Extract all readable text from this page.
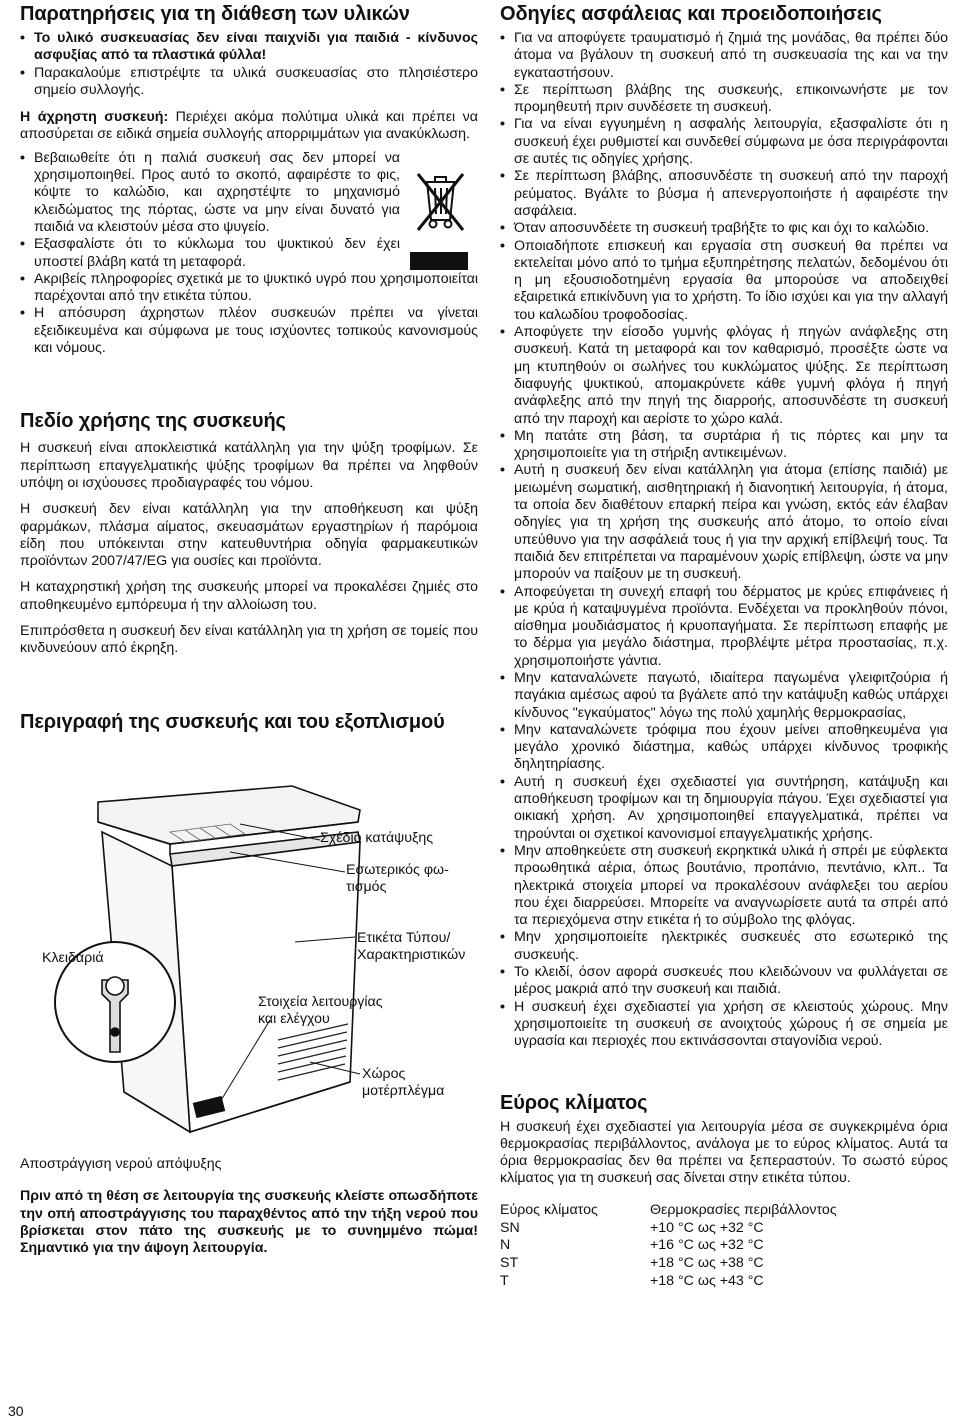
Παρατηρήσεις για τη διάθεση των υλικών
• Το υλικό συσκευασίας δεν είναι παιχνίδι για παιδιά - κίνδυνος ασφυξίας από τα πλαστικά φύλλα!
• Παρακαλούμε επιστρέψτε τα υλικά συσκευασίας στο πλησιέστερο σημείο συλλογής.

Η άχρηστη συσκευή: Περιέχει ακόμα πολύτιμα υλικά και πρέπει να αποσύρεται σε ειδικά σημεία συλλογής απορριμμάτων για ανακύκλωση.

• Βεβαιωθείτε ότι η παλιά συσκευή σας δεν μπορεί να χρησιμοποιηθεί. Προς αυτό το σκοπό, αφαιρέστε το φις, κόψτε το καλώδιο, και αχρηστέψτε το μηχανισμό κλειδώματος της πόρτας, ώστε να μην είναι δυνατό για παιδιά να κλειστούν μέσα στο ψυγείο.
• Εξασφαλίστε ότι το κύκλωμα του ψυκτικού δεν έχει υποστεί βλάβη κατά τη μεταφορά.
• Ακριβείς πληροφορίες σχετικά με το ψυκτικό υγρό που χρησιμοποιείται παρέχονται από την ετικέτα τύπου.
• Η απόσυρση άχρηστων πλέον συσκευών πρέπει να γίνεται εξειδικευμένα και σύμφωνα με τους ισχύοντες τοπικούς κανονισμούς και νόμους.
Πεδίο χρήσης της συσκευής

Η συσκευή είναι αποκλειστικά κατάλληλη για την ψύξη τροφίμων. Σε περίπτωση επαγγελματικής ψύξης τροφίμων θα πρέπει να ληφθούν υπόψη οι ισχύουσες προδιαγραφές του νόμου.

Η συσκευή δεν είναι κατάλληλη για την αποθήκευση και ψύξη φαρμάκων, πλάσμα αίματος, σκευασμάτων εργαστηρίων ή παρόμοια είδη που υπόκεινται στην κατευθυντήρια οδηγία φαρμακευτικών προϊόντων 2007/47/EG για ουσίες και προϊόντα.

Η καταχρηστική χρήση της συσκευής μπορεί να προκαλέσει ζημιές στο αποθηκευμένο εμπόρευμα ή την αλλοίωση του.

Επιπρόσθετα η συσκευή δεν είναι κατάλληλη για τη χρήση σε τομείς που κινδυνεύουν από έκρηξη.

Περιγραφή της συσκευής και του εξοπλισμού
Σχέδιο κατάψυξης
Εσωτερικός φω-
τισμός
Ετικέτα Τύπου/
Χαρακτηριστικών
Κλειδαριά
Στοιχεία λειτουργίας
και ελέγχου
Χώρος
μοτέρπλέγμα
Αποστράγγιση νερού απόψυξης

Πριν από τη θέση σε λειτουργία της συσκευής κλείστε οπωσδήποτε την οπή αποστράγγισης του παραχθέντος από την τήξη νερού που βρίσκεται στον πάτο της συσκευής με το συνημμένο πώμα! Σημαντικό για την άψογη λειτουργία.

Οδηγίες ασφάλειας και προειδοποιήσεις
• Για να αποφύγετε τραυματισμό ή ζημιά της μονάδας, θα πρέπει δύο άτομα να βγάλουν τη συσκευή από τη συσκευασία της και να την εγκαταστήσουν.
• Σε περίπτωση βλάβης της συσκευής, επικοινωνήστε με τον προμηθευτή πριν συνδέσετε τη συσκευή.
• Για να είναι εγγυημένη η ασφαλής λειτουργία, εξασφαλίστε ότι η συσκευή έχει ρυθμιστεί και συνδεθεί σύμφωνα με όσα περιγράφονται σε αυτές τις οδηγίες χρήσης.
• Σε περίπτωση βλάβης, αποσυνδέστε τη συσκευή από την παροχή ρεύματος. Βγάλτε το βύσμα ή απενεργοποιήστε ή αφαιρέστε την ασφάλεια.
• Όταν αποσυνδέετε τη συσκευή τραβήξτε το φις και όχι το καλώδιο.
• Οποιαδήποτε επισκευή και εργασία στη συσκευή θα πρέπει να εκτελείται μόνο από το τμήμα εξυπηρέτησης πελατών, δεδομένου ότι η μη εξουσιοδοτημένη εργασία θα μπορούσε να αποδειχθεί εξαιρετικά επικίνδυνη για το χρήστη. Το ίδιο ισχύει και για την αλλαγή του καλωδίου τροφοδοσίας.
• Αποφύγετε την είσοδο γυμνής φλόγας ή πηγών ανάφλεξης στη συσκευή. Κατά τη μεταφορά και τον καθαρισμό, προσέξτε ώστε να μη κτυπηθούν οι σωλήνες του κυκλώματος ψύξης. Σε περίπτωση διαφυγής ψυκτικού, απομακρύνετε κάθε γυμνή φλόγα ή πηγή ανάφλεξης από την πηγή της διαρροής, αποσυνδέστε τη συσκευή από την παροχή και αερίστε το χώρο καλά.
• Μη πατάτε στη βάση, τα συρτάρια ή τις πόρτες και μην τα χρησιμοποιείτε για τη στήριξη αντικειμένων.
• Αυτή η συσκευή δεν είναι κατάλληλη για άτομα (επίσης παιδιά) με μειωμένη σωματική, αισθητηριακή ή διανοητική λειτουργία, ή άτομα, τα οποία δεν διαθέτουν επαρκή πείρα και γνώση, εκτός εάν έλαβαν οδηγίες για τη χρήση της συσκευής από άτομο, το οποίο είναι υπεύθυνο για την ασφάλειά τους ή για την αρχική επίβλεψή τους. Τα παιδιά δεν επιτρέπεται να παραμένουν χωρίς επίβλεψη, ώστε να μην μπορούν να παίξουν με τη συσκευή.
• Αποφεύγεται τη συνεχή επαφή του δέρματος με κρύες επιφάνειες ή με κρύα ή καταψυγμένα προϊόντα. Ενδέχεται να προκληθούν πόνοι, αίσθημα μουδιάσματος ή κρυοπαγήματα. Σε περίπτωση επαφής με το δέρμα για μεγάλο διάστημα, προβλέψτε μέτρα προστασίας, π.χ. χρησιμοποιήστε γάντια.
• Μην καταναλώνετε παγωτό, ιδιαίτερα παγωμένα γλειφιτζούρια ή παγάκια αμέσως αφού τα βγάλετε από την κατάψυξη καθώς υπάρχει κίνδυνος "εγκαύματος" λόγω της πολύ χαμηλής θερμοκρασίας,
• Μην καταναλώνετε τρόφιμα που έχουν μείνει αποθηκευμένα για μεγάλο χρονικό διάστημα, καθώς υπάρχει κίνδυνος τροφικής δηλητηρίασης.
• Αυτή η συσκευή έχει σχεδιαστεί για συντήρηση, κατάψυξη και αποθήκευση τροφίμων και τη δημιουργία πάγου. Έχει σχεδιαστεί για οικιακή χρήση. Αν χρησιμοποιηθεί επαγγελματικά, πρέπει να τηρούνται οι σχετικοί κανονισμοί επαγγελματικής χρήσης.
• Μην αποθηκεύετε στη συσκευή εκρηκτικά υλικά ή σπρέι με εύφλεκτα προωθητικά αέρια, όπως βουτάνιο, προπάνιο, πεντάνιο, κλπ.. Τα ηλεκτρικά στοιχεία μπορεί να προκαλέσουν ανάφλεξει του αερίου που έχει διαρρεύσει. Μπορείτε να αναγνωρίσετε αυτά τα σπρέι από τα περιεχόμενα στην ετικέτα ή το σύμβολο της φλόγας.
• Μην χρησιμοποιείτε ηλεκτρικές συσκευές στο εσωτερικό της συσκευής.
• Το κλειδί, όσον αφορά συσκευές που κλειδώνουν να φυλλάγεται σε μέρος μακριά από την συσκευή και παιδιά.
• Η συσκευή έχει σχεδιαστεί για χρήση σε κλειστούς χώρους. Μην χρησιμοποιείτε τη συσκευή σε ανοιχτούς χώρους ή σε σημεία με υγρασία και περιοχές που εκτινάσσονται σταγονίδια νερού.
Εύρος κλίματος

Η συσκευή έχει σχεδιαστεί για λειτουργία μέσα σε συγκεκριμένα όρια θερμοκρασίας περιβάλλοντος, ανάλογα με το εύρος κλίματος. Αυτά τα όρια θερμοκρασίας δεν θα πρέπει να ξεπεραστούν. Το σωστό εύρος κλίματος για τη συσκευή σας δίνεται στην ετικέτα τύπου.

Εύρος κλίματος	Θερμοκρασίες περιβάλλοντος
SN	+10 °C ως +32 °C
N	+16 °C ως +32 °C
ST	+18 °C ως +38 °C
T	+18 °C ως +43 °C
30
